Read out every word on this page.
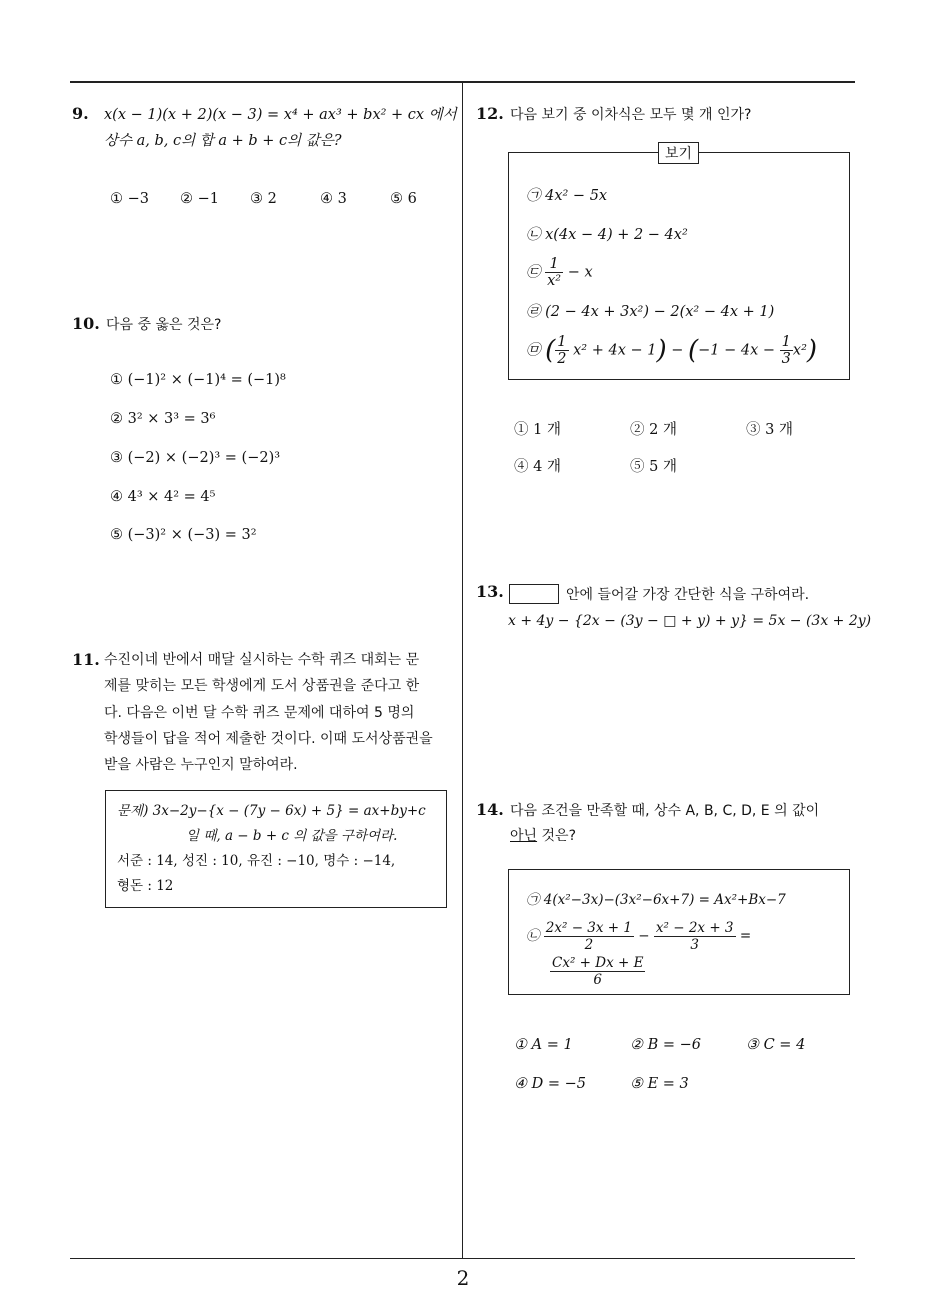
2
9. x(x − 1)(x + 2)(x − 3) = x⁴ + ax³ + bx² + cx 에서
상수 a, b, c의 합 a + b + c의 값은?
① −3 ② −1 ③ 2	④ 3	⑤ 6
10. 다음 중 옳은 것은?
① (−1)² × (−1)⁴ = (−1)⁸
② 3² × 3³ = 3⁶
③ (−2) × (−2)³ = (−2)³
④ 4³ × 4² = 4⁵
⑤ (−3)² × (−3) = 3²
11. 수진이네 반에서 매달 실시하는 수학 퀴즈 대회는 문
제를 맞히는 모든 학생에게 도서 상품권을 준다고 한
다. 다음은 이번 달 수학 퀴즈 문제에 대하여 5 명의
학생들이 답을 적어 제출한 것이다. 이때 도서상품권을
받을 사람은 누구인지 말하여라.
문제) 3x−2y−{x − (7y − 6x) + 5} = ax+by+c
일 때, a − b + c 의 값을 구하여라.
서준 : 14, 성진 : 10, 유진 : −10, 명수 : −14,
형돈 : 12
12. 다음 보기 중 이차식은 모두 몇 개 인가?
보기
㉠ 4x² − 5x
㉡ x(4x − 4) + 2 − 4x²
㉢ $\frac{1}{\text{x²}} - x$
㉣ (2 − 4x + 3x²) − 2(x² − 4x + 1)
㉤ ( $\frac{1}{2} x^2 + 4x - 1) - (-1 - 4x - \frac{1}{3} x^2)$
① 1 개	② 2 개	③ 3 개
④ 4 개	⑤ 5 개
13.	안에 들어갈 가장 간단한 식을 구하여라.
x + 4y − {2x − (3y − □ + y) + y} = 5x − (3x + 2y)
14. 다음 조건을 만족할 때, 상수 A, B, C, D, E 의 값이
아닌 것은?
㉠ 4(x²−3x)−(3x²−6x+7) = Ax²+Bx−7
㉡ $\frac{\text{2x² − 3x + 1}}{2} - \frac{\text{x² − 2x + 3}}{3}$ =
$\frac{\text{Cx² + Dx + E}}{6}$
① A = 1	② B = −6	③ C = 4
④ D = −5	⑤ E = 3
